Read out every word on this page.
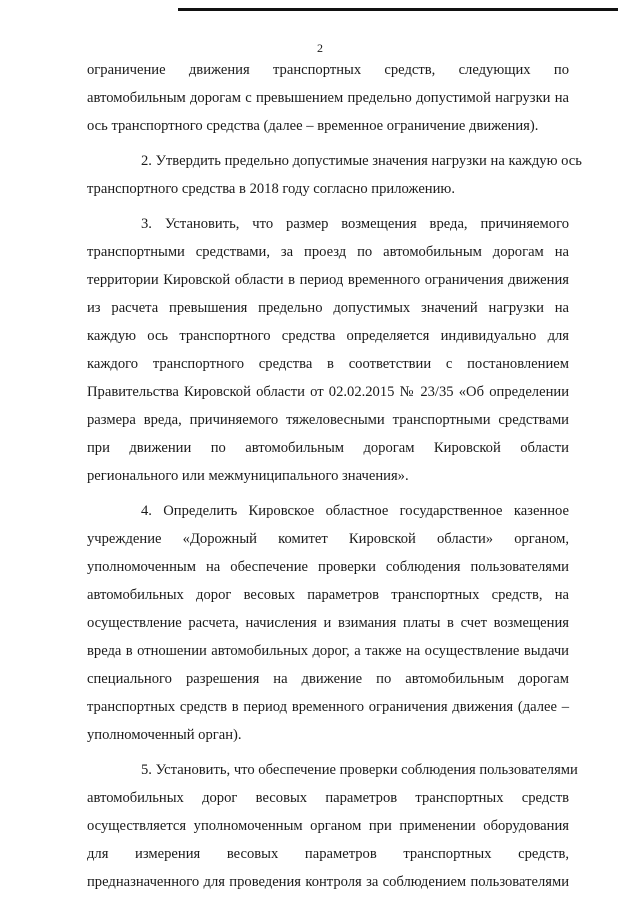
2
ограничение движения транспортных средств, следующих по
автомобильным дорогам с превышением предельно допустимой нагрузки на
ось транспортного средства (далее – временное ограничение движения).
2. Утвердить предельно допустимые значения нагрузки на каждую ось
транспортного средства в 2018 году согласно приложению.
3. Установить, что размер возмещения вреда, причиняемого
транспортными средствами, за проезд по автомобильным дорогам на
территории Кировской области в период временного ограничения движения
из расчета превышения предельно допустимых значений нагрузки на
каждую ось транспортного средства определяется индивидуально для
каждого транспортного средства в соответствии с постановлением
Правительства Кировской области от 02.02.2015 № 23/35 «Об определении
размера вреда, причиняемого тяжеловесными транспортными средствами
при движении по автомобильным дорогам Кировской области
регионального или межмуниципального значения».
4. Определить Кировское областное государственное казенное
учреждение «Дорожный комитет Кировской области» органом,
уполномоченным на обеспечение проверки соблюдения пользователями
автомобильных дорог весовых параметров транспортных средств, на
осуществление расчета, начисления и взимания платы в счет возмещения
вреда в отношении автомобильных дорог, а также на осуществление выдачи
специального разрешения на движение по автомобильным дорогам
транспортных средств в период временного ограничения движения (далее –
уполномоченный орган).
5. Установить, что обеспечение проверки соблюдения пользователями
автомобильных дорог весовых параметров транспортных средств
осуществляется уполномоченным органом при применении оборудования
для измерения весовых параметров транспортных средств,
предназначенного для проведения контроля за соблюдением пользователями
